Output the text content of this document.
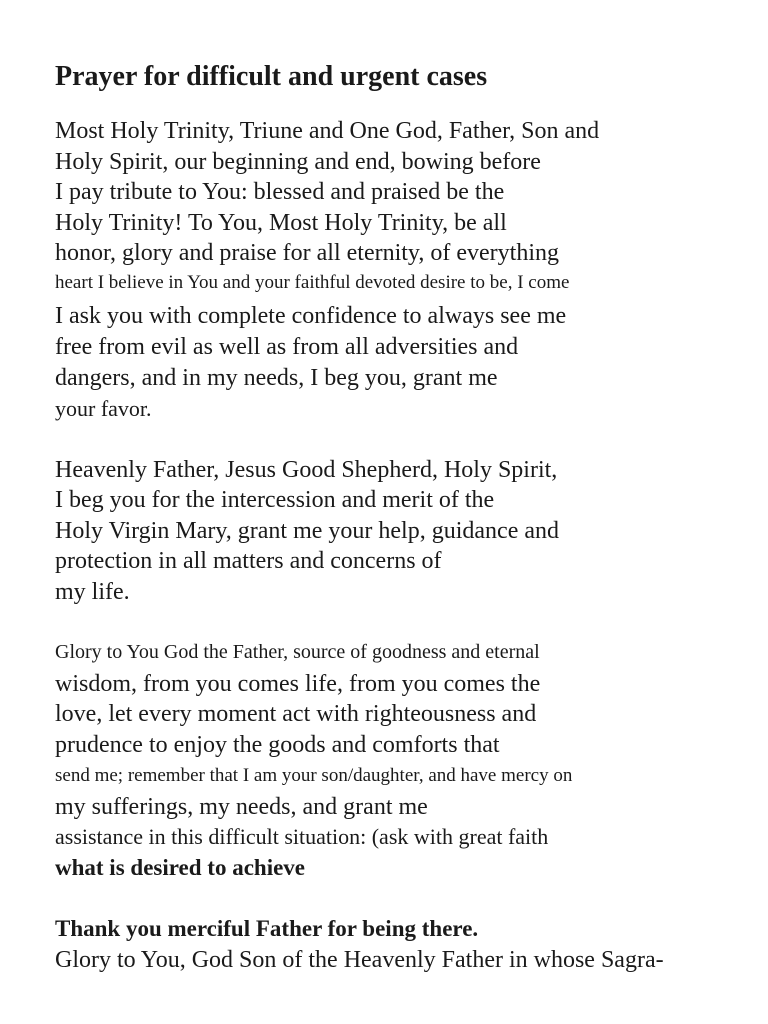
Prayer for difficult and urgent cases

Most Holy Trinity, Triune and One God, Father, Son and

Holy Spirit, our beginning and end, bowing before

I pay tribute to You: blessed and praised be the

Holy Trinity! To You, Most Holy Trinity, be all

honor, glory and praise for all eternity, of everything

heart I believe in You and your faithful devoted desire to be, I come

I ask you with complete confidence to always see me

free from evil as well as from all adversities and

dangers, and in my needs, I beg you, grant me

your favor.

Heavenly Father, Jesus Good Shepherd, Holy Spirit,

I beg you for the intercession and merit of the

Holy Virgin Mary, grant me your help, guidance and

protection in all matters and concerns of

my life.

Glory to You God the Father, source of goodness and eternal

wisdom, from you comes life, from you comes the

love, let every moment act with righteousness and

prudence to enjoy the goods and comforts that

send me; remember that I am your son/daughter, and have mercy on

my sufferings, my needs, and grant me

assistance in this difficult situation: (ask with great faith

what is desired to achieve

Thank you merciful Father for being there.

Glory to You, God Son of the Heavenly Father in whose Sagra-
